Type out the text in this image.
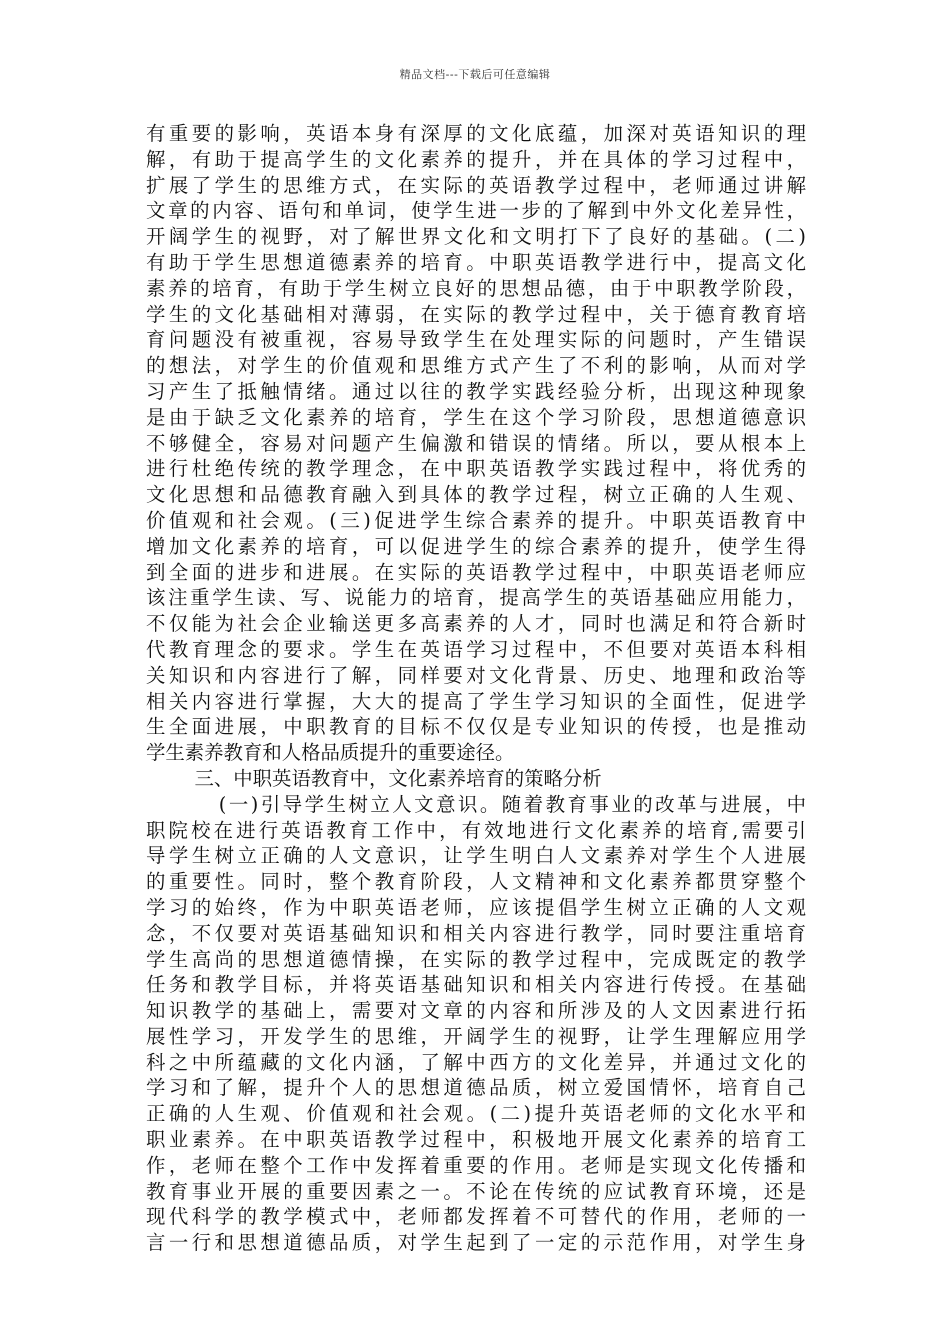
精品文档---下载后可任意编辑
有重要的影响，英语本身有深厚的文化底蕴，加深对英语知识的理
解，有助于提高学生的文化素养的提升，并在具体的学习过程中，
扩展了学生的思维方式，在实际的英语教学过程中，老师通过讲解
文章的内容、语句和单词，使学生进一步的了解到中外文化差异性，
开阔学生的视野，对了解世界文化和文明打下了良好的基础。(二)
有助于学生思想道德素养的培育。中职英语教学进行中，提高文化
素养的培育，有助于学生树立良好的思想品德，由于中职教学阶段，
学生的文化基础相对薄弱，在实际的教学过程中，关于德育教育培
育问题没有被重视，容易导致学生在处理实际的问题时，产生错误
的想法，对学生的价值观和思维方式产生了不利的影响，从而对学
习产生了抵触情绪。通过以往的教学实践经验分析，出现这种现象
是由于缺乏文化素养的培育，学生在这个学习阶段，思想道德意识
不够健全，容易对问题产生偏激和错误的情绪。所以，要从根本上
进行杜绝传统的教学理念，在中职英语教学实践过程中，将优秀的
文化思想和品德教育融入到具体的教学过程，树立正确的人生观、
价值观和社会观。(三)促进学生综合素养的提升。中职英语教育中
增加文化素养的培育，可以促进学生的综合素养的提升，使学生得
到全面的进步和进展。在实际的英语教学过程中，中职英语老师应
该注重学生读、写、说能力的培育，提高学生的英语基础应用能力，
不仅能为社会企业输送更多高素养的人才，同时也满足和符合新时
代教育理念的要求。学生在英语学习过程中，不但要对英语本科相
关知识和内容进行了解，同样要对文化背景、历史、地理和政治等
相关内容进行掌握，大大的提高了学生学习知识的全面性，促进学
生全面进展，中职教育的目标不仅仅是专业知识的传授，也是推动
学生素养教育和人格品质提升的重要途径。
三、中职英语教育中，文化素养培育的策略分析
(一)引导学生树立人文意识。随着教育事业的改革与进展，中
职院校在进行英语教育工作中，有效地进行文化素养的培育,需要引
导学生树立正确的人文意识，让学生明白人文素养对学生个人进展
的重要性。同时，整个教育阶段，人文精神和文化素养都贯穿整个
学习的始终，作为中职英语老师，应该提倡学生树立正确的人文观
念，不仅要对英语基础知识和相关内容进行教学，同时要注重培育
学生高尚的思想道德情操，在实际的教学过程中，完成既定的教学
任务和教学目标，并将英语基础知识和相关内容进行传授。在基础
知识教学的基础上，需要对文章的内容和所涉及的人文因素进行拓
展性学习，开发学生的思维，开阔学生的视野，让学生理解应用学
科之中所蕴藏的文化内涵，了解中西方的文化差异，并通过文化的
学习和了解，提升个人的思想道德品质，树立爱国情怀，培育自己
正确的人生观、价值观和社会观。(二)提升英语老师的文化水平和
职业素养。在中职英语教学过程中，积极地开展文化素养的培育工
作，老师在整个工作中发挥着重要的作用。老师是实现文化传播和
教育事业开展的重要因素之一。不论在传统的应试教育环境，还是
现代科学的教学模式中，老师都发挥着不可替代的作用，老师的一
言一行和思想道德品质，对学生起到了一定的示范作用，对学生身
